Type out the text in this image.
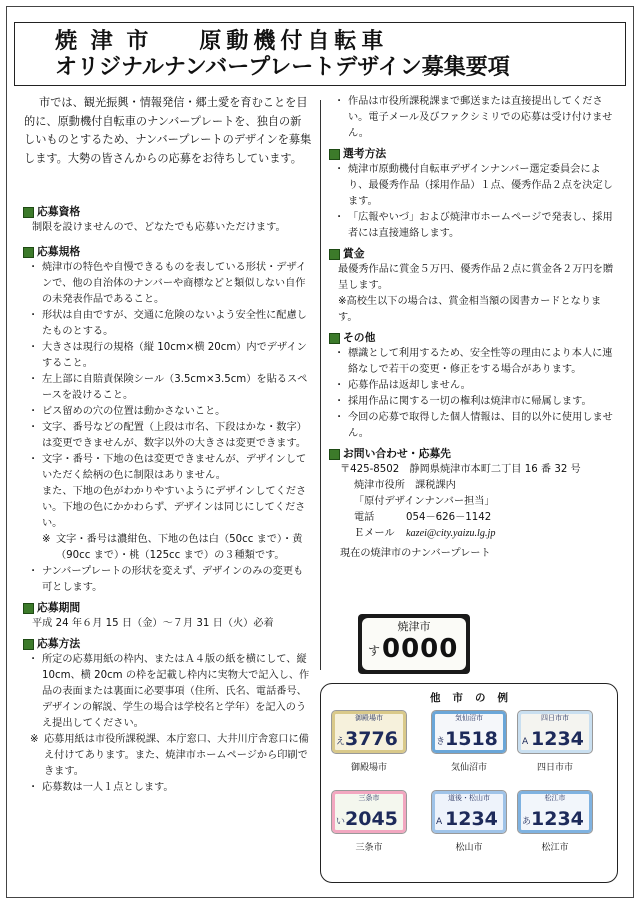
焼 津 市 原動機付自転車
オリジナルナンバープレートデザイン募集要項
市では、観光振興・情報発信・郷土愛を育むことを目的に、原動機付自転車のナンバープレートを、独自の新しいものとするため、ナンバープレートのデザインを募集します。大勢の皆さんからの応募をお待ちしています。
応募資格
制限を設けませんので、どなたでも応募いただけます。
応募規格
・ 焼津市の特色や自慢できるものを表している形状・デザインで、他の自治体のナンバーや商標などと類似しない自作の未発表作品であること。
・ 形状は自由ですが、交通に危険のないよう安全性に配慮したものとする。
・ 大きさは現行の規格（縦 10cm×横 20cm）内でデザインすること。
・ 左上部に自賠責保険シール（3.5cm×3.5cm）を貼るスペースを設けること。
・ ビス留めの穴の位置は動かさないこと。
・ 文字、番号などの配置（上段は市名、下段はかな・数字）は変更できませんが、数字以外の大きさは変更できます。
・ 文字・番号・下地の色は変更できませんが、デザインしていただく絵柄の色に制限はありません。
また、下地の色がわかりやすいようにデザインしてください。下地の色にかかわらず、デザインは同じにしてください。
※ 文字・番号は濃紺色、下地の色は白（50cc まで）・黄（90cc まで）・桃（125cc まで）の３種類です。
・ ナンバープレートの形状を変えず、デザインのみの変更も可とします。
応募期間
平成 24 年６月 15 日（金）～７月 31 日（火）必着
応募方法
・ 所定の応募用紙の枠内、またはＡ４版の紙を横にして、縦 10cm、横 20cm の枠を記載し枠内に実物大で記入し、作品の表面または裏面に必要事項（住所、氏名、電話番号、デザインの解説、学生の場合は学校名と学年）を記入のうえ提出してください。
※ 応募用紙は市役所課税課、本庁窓口、大井川庁舎窓口に備え付けてあります。また、焼津市ホームページから印刷できます。
・ 応募数は一人１点とします。
・ 作品は市役所課税課まで郵送または直接提出してください。電子メール及びファクシミリでの応募は受け付けません。
選考方法
・ 焼津市原動機付自転車デザインナンバー選定委員会により、最優秀作品（採用作品）１点、優秀作品２点を決定します。
・ 「広報やいづ」および焼津市ホームページで発表し、採用者には直接連絡します。
賞金
最優秀作品に賞金５万円、優秀作品２点に賞金各２万円を贈呈します。
※高校生以下の場合は、賞金相当額の図書カードとなります。
その他
・ 標識として利用するため、安全性等の理由により本人に連絡なしで若干の変更・修正をする場合があります。
・ 応募作品は返却しません。
・ 採用作品に関する一切の権利は焼津市に帰属します。
・ 今回の応募で取得した個人情報は、目的以外に使用しません。
お問い合わせ・応募先
〒425-8502　静岡県焼津市本町二丁目 16 番 32 号
焼津市役所　課税課内
「原付デザインナンバー担当」
電話	054－626－1142
Ｅメール kazei@city.yaizu.lg.jp
現在の焼津市のナンバープレート
焼津市
す 0000
他市の例
御殿場市
え 3776
御殿場市
気仙沼市
き 1518
気仙沼市
四日市市
A 1234
四日市市
三条市
い 2045
三条市
道後・松山市
A 1234
松山市
松江市
あ 1234
松江市
